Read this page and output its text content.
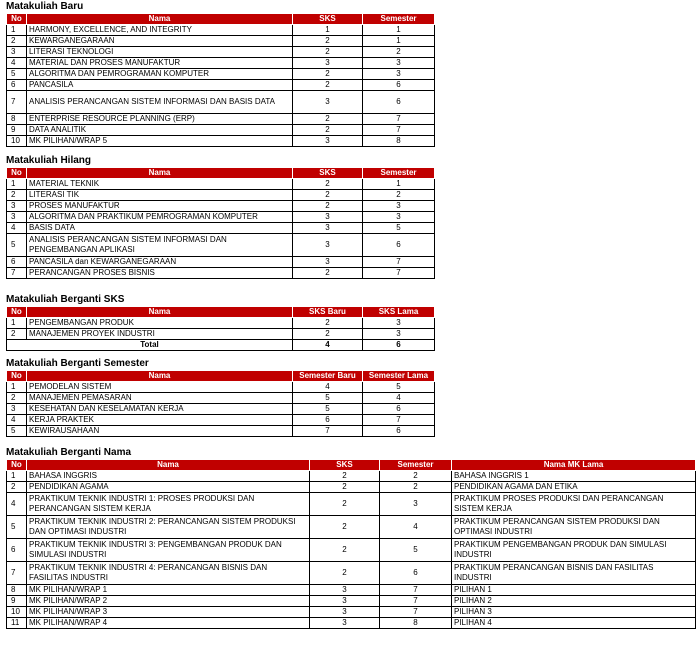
Matakuliah Baru
No	Nama	SKS	Semester
1	HARMONY, EXCELLENCE, AND INTEGRITY	1	1
2	KEWARGANEGARAAN	2	1
3	LITERASI TEKNOLOGI	2	2
4	MATERIAL DAN PROSES MANUFAKTUR	3	3
5	ALGORITMA DAN PEMROGRAMAN KOMPUTER	2	3
6	PANCASILA	2	6
7	ANALISIS PERANCANGAN SISTEM INFORMASI DAN BASIS DATA	3	6
8	ENTERPRISE RESOURCE PLANNING (ERP)	2	7
9	DATA ANALITIK	2	7
10	MK PILIHAN/WRAP 5	3	8
Matakuliah Hilang
No	Nama	SKS	Semester
1	MATERIAL TEKNIK	2	1
2	LITERASI TIK	2	2
3	PROSES MANUFAKTUR	2	3
3	ALGORITMA DAN PRAKTIKUM PEMROGRAMAN KOMPUTER	3	3
4	BASIS DATA	3	5
5	ANALISIS PERANCANGAN SISTEM INFORMASI DAN PENGEMBANGAN APLIKASI	3	6
6	PANCASILA dan KEWARGANEGARAAN	3	7
7	PERANCANGAN PROSES BISNIS	2	7
Matakuliah Berganti SKS
No	Nama	SKS Baru	SKS Lama
1	PENGEMBANGAN PRODUK	2	3
2	MANAJEMEN PROYEK INDUSTRI	2	3
Total		4	6
Matakuliah Berganti Semester
No	Nama	Semester Baru	Semester Lama
1	PEMODELAN SISTEM	4	5
2	MANAJEMEN PEMASARAN	5	4
3	KESEHATAN DAN KESELAMATAN KERJA	5	6
4	KERJA PRAKTEK	6	7
5	KEWIRAUSAHAAN	7	6
Matakuliah Berganti Nama
No	Nama	SKS	Semester	Nama MK Lama
1	BAHASA INGGRIS	2	2	BAHASA INGGRIS 1
2	PENDIDIKAN AGAMA	2	2	PENDIDIKAN AGAMA DAN ETIKA
4	PRAKTIKUM TEKNIK INDUSTRI 1: PROSES PRODUKSI DAN PERANCANGAN SISTEM KERJA	2	3	PRAKTIKUM PROSES PRODUKSI DAN PERANCANGAN SISTEM KERJA
5	PRAKTIKUM TEKNIK INDUSTRI 2: PERANCANGAN SISTEM PRODUKSI DAN OPTIMASI INDUSTRI	2	4	PRAKTIKUM PERANCANGAN SISTEM PRODUKSI DAN OPTIMASI INDUSTRI
6	PRAKTIKUM TEKNIK INDUSTRI 3: PENGEMBANGAN PRODUK DAN SIMULASI INDUSTRI	2	5	PRAKTIKUM PENGEMBANGAN PRODUK DAN SIMULASI INDUSTRI
7	PRAKTIKUM TEKNIK INDUSTRI 4: PERANCANGAN BISNIS DAN FASILITAS INDUSTRI	2	6	PRAKTIKUM PERANCANGAN BISNIS DAN FASILITAS INDUSTRI
8	MK PILIHAN/WRAP 1	3	7	PILIHAN 1
9	MK PILIHAN/WRAP 2	3	7	PILIHAN 2
10	MK PILIHAN/WRAP 3	3	7	PILIHAN 3
11	MK PILIHAN/WRAP 4	3	8	PILIHAN 4
